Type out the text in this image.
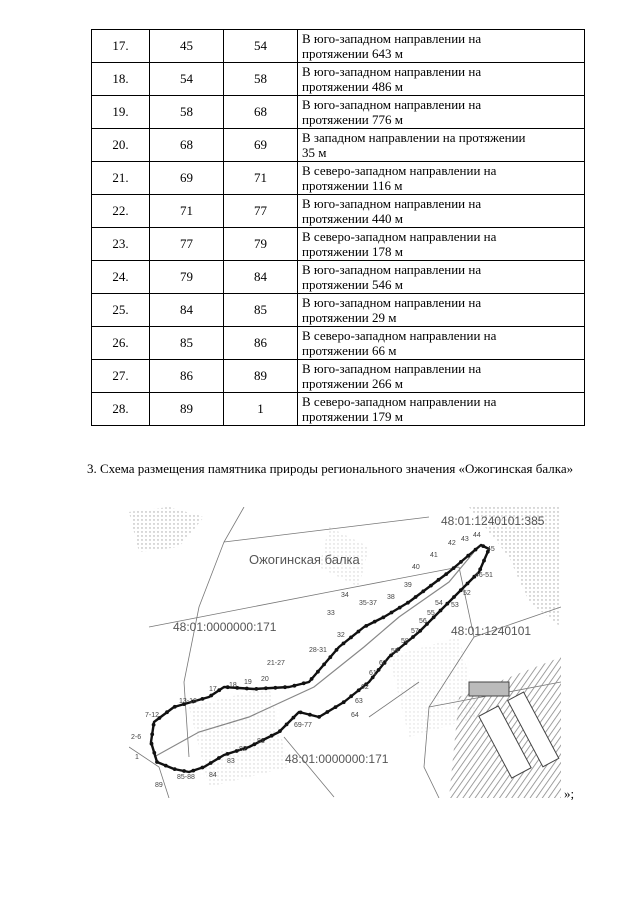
17.	45	54	В юго-западном направлении на
протяжении 643 м

18.	54	58	В юго-западном направлении на
протяжении 486 м

19.	58	68	В юго-западном направлении на
протяжении 776 м

20.	68	69	В западном направлении на протяжении
35 м

21.	69	71	В северо-западном направлении на
протяжении 116 м

22.	71	77	В юго-западном направлении на
протяжении 440 м

23.	77	79	В северо-западном направлении на
протяжении 178 м

24.	79	84	В юго-западном направлении на
протяжении 546 м

25.	84	85	В юго-западном направлении на
протяжении 29 м

26.	85	86	В северо-западном направлении на
протяжении 66 м

27.	86	89	В юго-западном направлении на
протяжении 266 м

28.	89	1	В северо-западном направлении на
протяжении 179 м
3. Схема размещения памятника природы регионального значения «Ожогинская балка»
48:01:1240101:385
Ожогинская балка
48:01:0000000:171	48:01:1240101
48:01:0000000:171
44
43
42
41
40
39
38
35-37
34
33
32
28-31
21-27
20
19
18
17
13-16
7-12
2-6
1
89
85-88 84
83
82
81
69-77
62
63
64
61
60
59
58
57
56
55
54 53
52
46-51
45
»;
